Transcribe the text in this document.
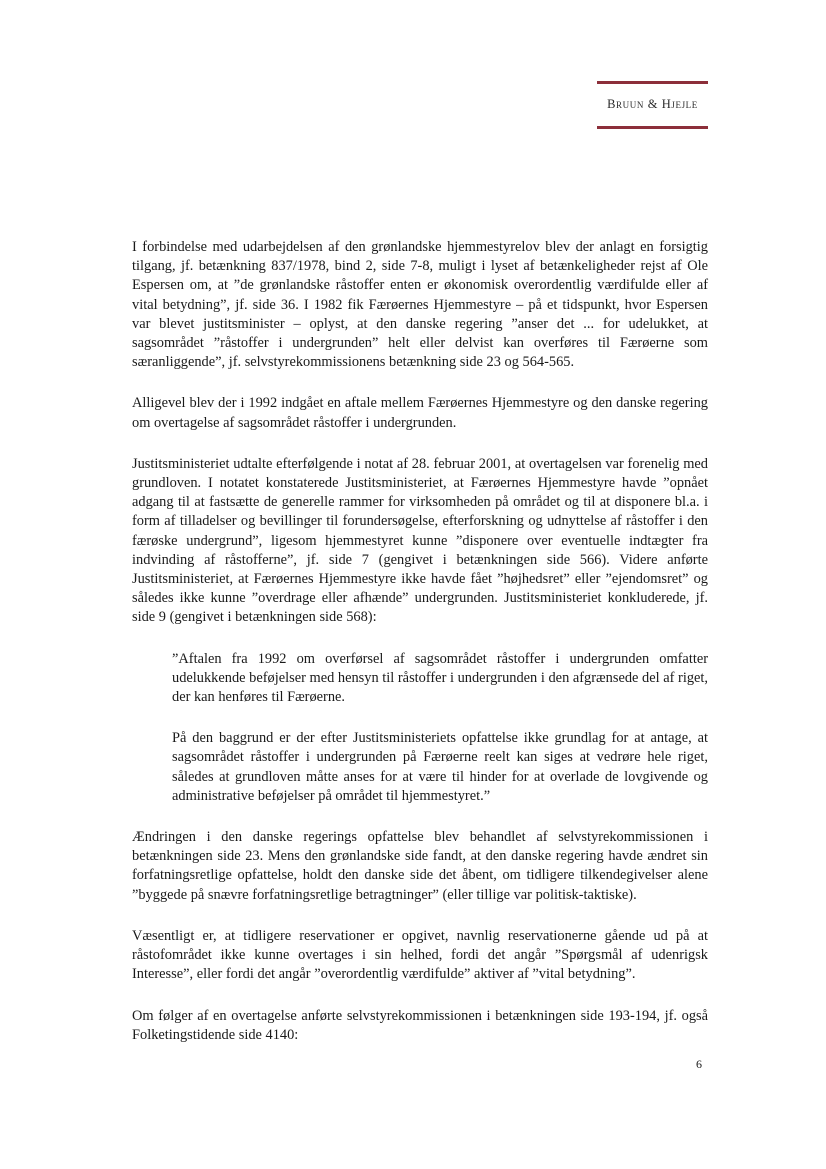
Bruun & Hjejle

I forbindelse med udarbejdelsen af den grønlandske hjemmestyrelov blev der anlagt en forsigtig tilgang, jf. betænkning 837/1978, bind 2, side 7-8, muligt i lyset af betænkeligheder rejst af Ole Espersen om, at ”de grønlandske råstoffer enten er økonomisk overordentlig værdifulde eller af vital betydning”, jf. side 36. I 1982 fik Færøernes Hjemmestyre – på et tidspunkt, hvor Espersen var blevet justitsminister – oplyst, at den danske regering ”anser det ... for udelukket, at sagsområdet ”råstoffer i undergrunden” helt eller delvist kan overføres til Færøerne som særanliggende”, jf. selvstyrekommissionens betænkning side 23 og 564-565.

Alligevel blev der i 1992 indgået en aftale mellem Færøernes Hjemmestyre og den danske regering om overtagelse af sagsområdet råstoffer i undergrunden.

Justitsministeriet udtalte efterfølgende i notat af 28. februar 2001, at overtagelsen var forenelig med grundloven. I notatet konstaterede Justitsministeriet, at Færøernes Hjemmestyre havde ”opnået adgang til at fastsætte de generelle rammer for virksomheden på området og til at disponere bl.a. i form af tilladelser og bevillinger til forundersøgelse, efterforskning og udnyttelse af råstoffer i den færøske undergrund”, ligesom hjemmestyret kunne ”disponere over eventuelle indtægter fra indvinding af råstofferne”, jf. side 7 (gengivet i betænkningen side 566). Videre anførte Justitsministeriet, at Færøernes Hjemmestyre ikke havde fået ”højhedsret” eller ”ejendomsret” og således ikke kunne ”overdrage eller afhænde” undergrunden. Justitsministeriet konkluderede, jf. side 9 (gengivet i betænkningen side 568):

”Aftalen fra 1992 om overførsel af sagsområdet råstoffer i undergrunden omfatter udelukkende beføjelser med hensyn til råstoffer i undergrunden i den afgrænsede del af riget, der kan henføres til Færøerne.

På den baggrund er der efter Justitsministeriets opfattelse ikke grundlag for at antage, at sagsområdet råstoffer i undergrunden på Færøerne reelt kan siges at vedrøre hele riget, således at grundloven måtte anses for at være til hinder for at overlade de lovgivende og administrative beføjelser på området til hjemmestyret.”

Ændringen i den danske regerings opfattelse blev behandlet af selvstyrekommissionen i betænkningen side 23. Mens den grønlandske side fandt, at den danske regering havde ændret sin forfatningsretlige opfattelse, holdt den danske side det åbent, om tidligere tilkendegivelser alene ”byggede på snævre forfatningsretlige betragtninger” (eller tillige var politisk-taktiske).

Væsentligt er, at tidligere reservationer er opgivet, navnlig reservationerne gående ud på at råstofområdet ikke kunne overtages i sin helhed, fordi det angår ”Spørgsmål af udenrigsk Interesse”, eller fordi det angår ”overordentlig værdifulde” aktiver af ”vital betydning”.

Om følger af en overtagelse anførte selvstyrekommissionen i betænkningen side 193-194, jf. også Folketingstidende side 4140:

6
